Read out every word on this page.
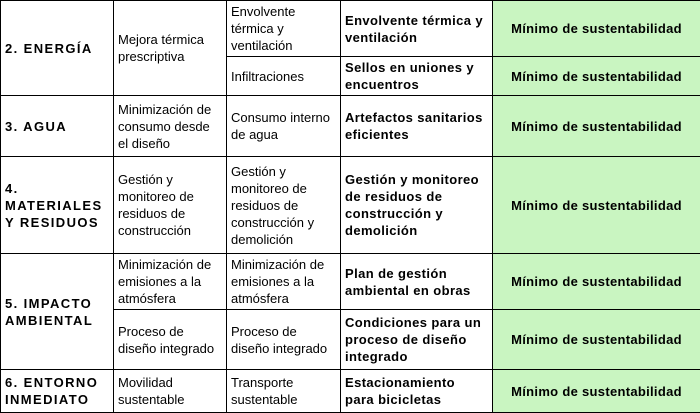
2. ENERGÍA	Mejora térmica prescriptiva	Envolvente térmica y ventilación	Envolvente térmica y ventilación	Mínimo de sustentabilidad
		Infiltraciones	Sellos en uniones y encuentros	Mínimo de sustentabilidad
3. AGUA	Minimización de consumo desde el diseño	Consumo interno de agua	Artefactos sanitarios eficientes	Mínimo de sustentabilidad
4. MATERIALES Y RESIDUOS	Gestión y monitoreo de residuos de construcción	Gestión y monitoreo de residuos de construcción y demolición	Gestión y monitoreo de residuos de construcción y demolición	Mínimo de sustentabilidad
5. IMPACTO AMBIENTAL	Minimización de emisiones a la atmósfera	Minimización de emisiones a la atmósfera	Plan de gestión ambiental en obras	Mínimo de sustentabilidad
	Proceso de diseño integrado	Proceso de diseño integrado	Condiciones para un proceso de diseño integrado	Mínimo de sustentabilidad
6. ENTORNO INMEDIATO	Movilidad sustentable	Transporte sustentable	Estacionamiento para bicicletas	Mínimo de sustentabilidad
